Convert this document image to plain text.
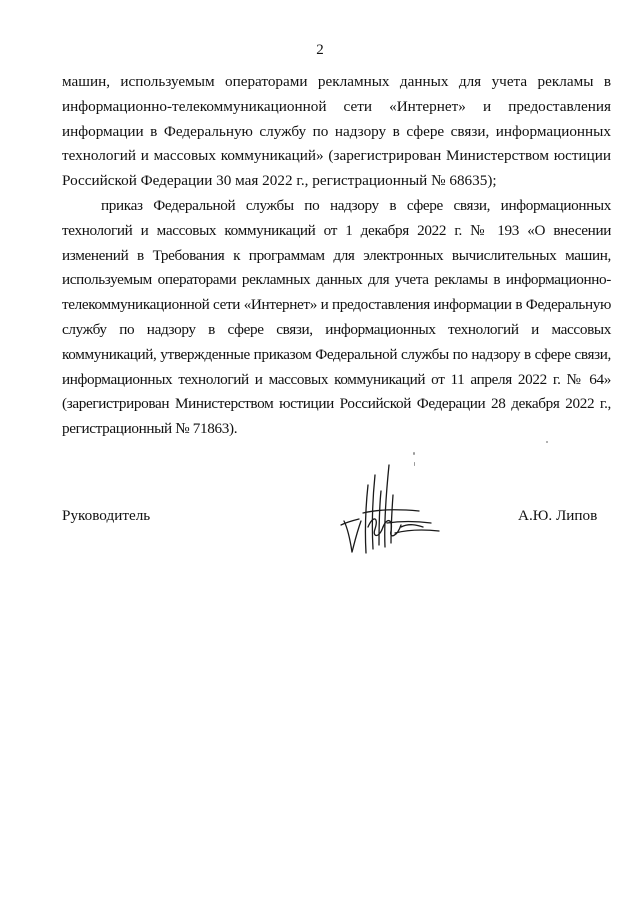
2

машин, используемым операторами рекламных данных для учета рекламы в информационно-телекоммуникационной сети «Интернет» и предоставления информации в Федеральную службу по надзору в сфере связи, информационных технологий и массовых коммуникаций» (зарегистрирован Министерством юстиции Российской Федерации 30 мая 2022 г., регистрационный № 68635);

приказ Федеральной службы по надзору в сфере связи, информационных технологий и массовых коммуникаций от 1 декабря 2022 г. № 193 «О внесении изменений в Требования к программам для электронных вычислительных машин, используемым операторами рекламных данных для учета рекламы в информационно-телекоммуникационной сети «Интернет» и предоставления информации в Федеральную службу по надзору в сфере связи, информационных технологий и массовых коммуникаций, утвержденные приказом Федеральной службы по надзору в сфере связи, информационных технологий и массовых коммуникаций от 11 апреля 2022 г. № 64» (зарегистрирован Министерством юстиции Российской Федерации 28 декабря 2022 г., регистрационный № 71863).

Руководитель	А.Ю. Липов
